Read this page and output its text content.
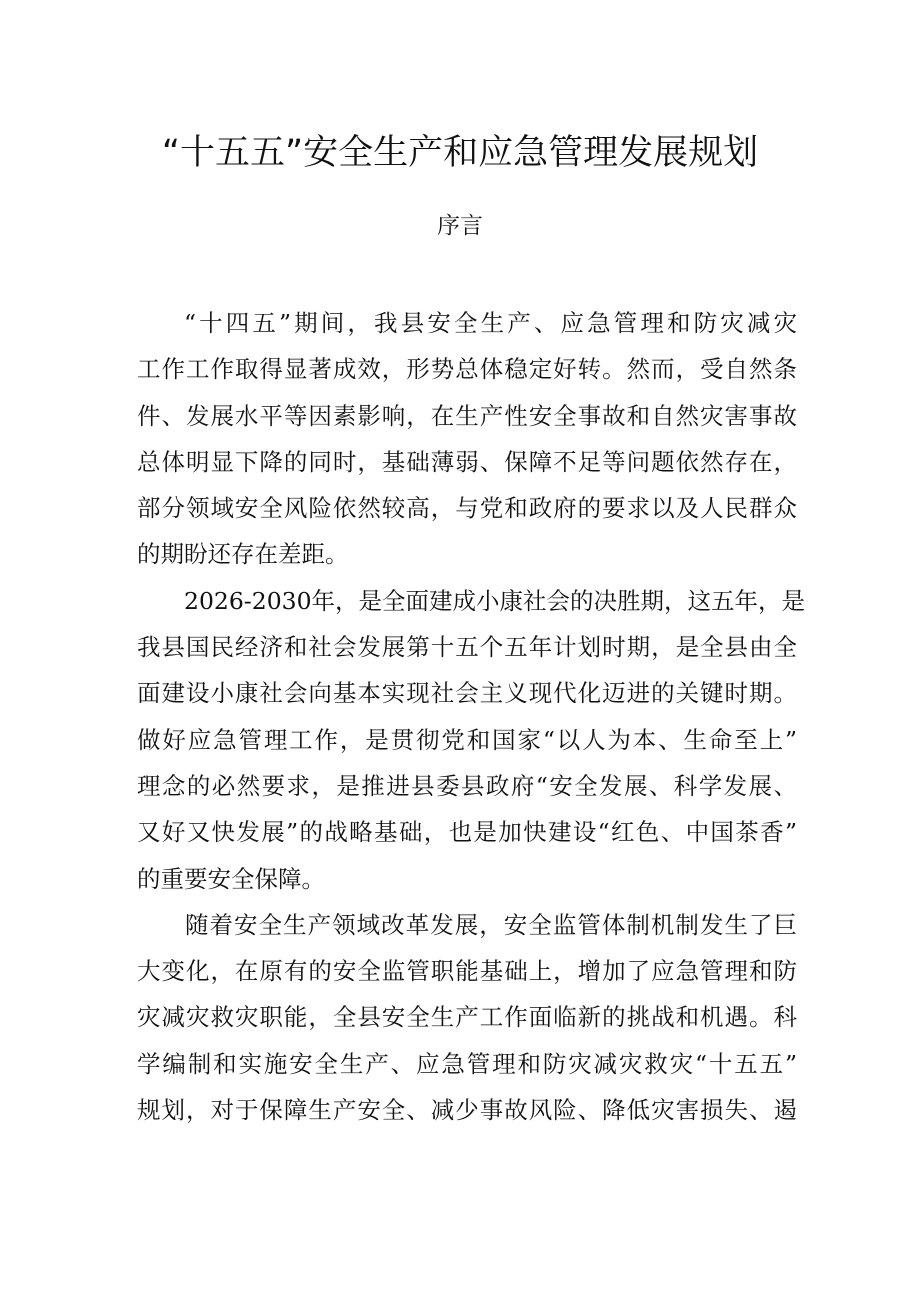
“十五五”安全生产和应急管理发展规划
序言
“十四五”期间，我县安全生产、应急管理和防灾减灾
工作工作取得显著成效，形势总体稳定好转。然而，受自然条
件、发展水平等因素影响，在生产性安全事故和自然灾害事故
总体明显下降的同时，基础薄弱、保障不足等问题依然存在，
部分领域安全风险依然较高，与党和政府的要求以及人民群众
的期盼还存在差距。
2026-2030年，是全面建成小康社会的决胜期，这五年，是
我县国民经济和社会发展第十五个五年计划时期，是全县由全
面建设小康社会向基本实现社会主义现代化迈进的关键时期。
做好应急管理工作，是贯彻党和国家“以人为本、生命至上”
理念的必然要求，是推进县委县政府“安全发展、科学发展、
又好又快发展”的战略基础，也是加快建设“红色、中国茶香”
的重要安全保障。
随着安全生产领域改革发展，安全监管体制机制发生了巨
大变化，在原有的安全监管职能基础上，增加了应急管理和防
灾减灾救灾职能，全县安全生产工作面临新的挑战和机遇。科
学编制和实施安全生产、应急管理和防灾减灾救灾“十五五”
规划，对于保障生产安全、减少事故风险、降低灾害损失、遏
